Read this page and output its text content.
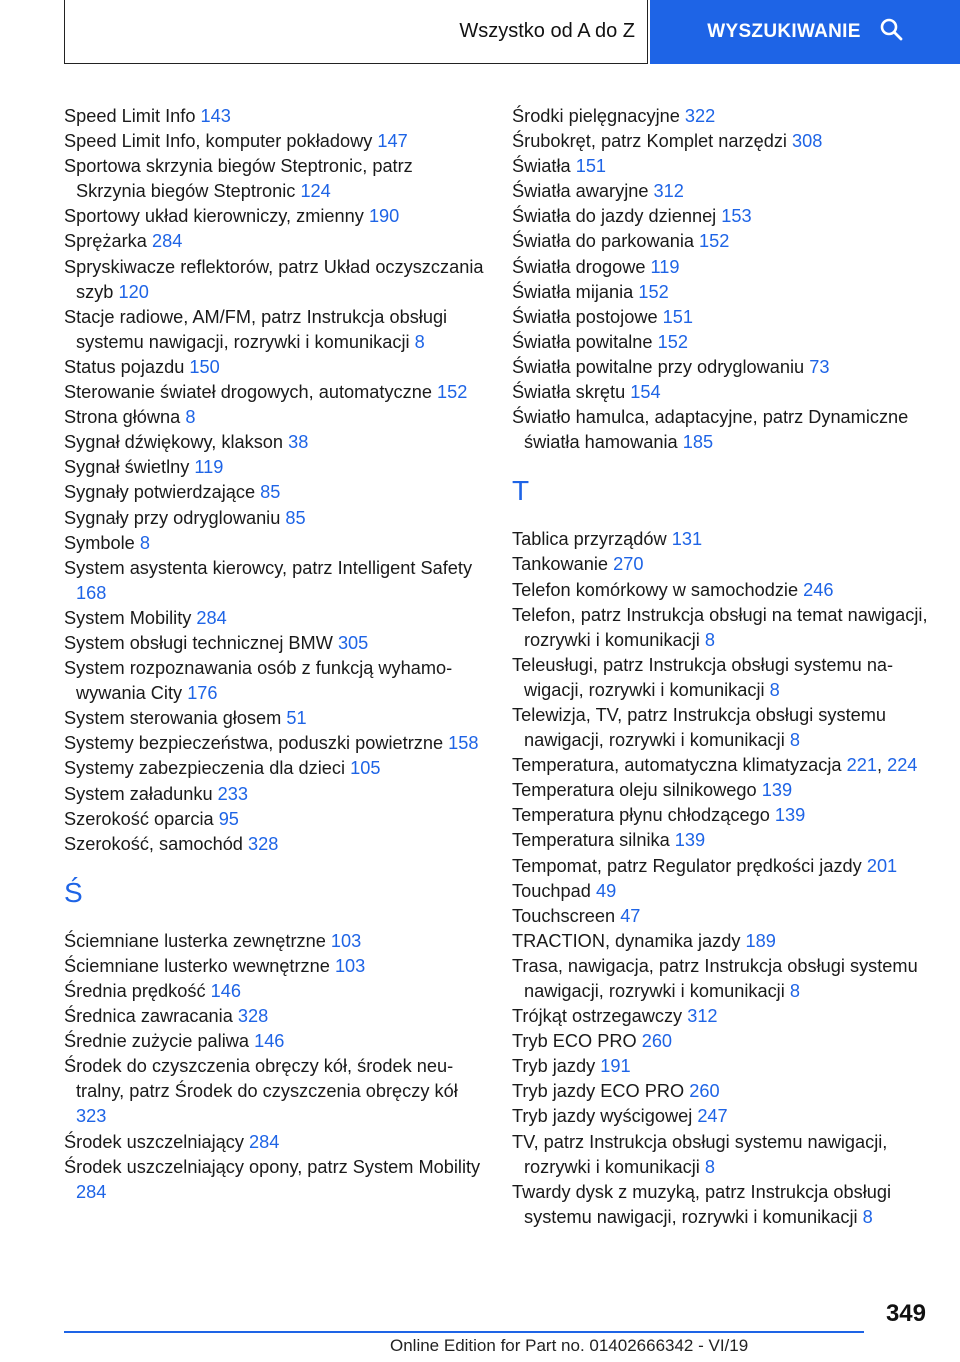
Wszystko od A do Z	WYSZUKIWANIE
Speed Limit Info 143
Speed Limit Info, komputer pokładowy 147
Sportowa skrzynia biegów Steptronic, patrz Skrzynia biegów Steptronic 124
Sportowy układ kierowniczy, zmienny 190
Sprężarka 284
Spryskiwacze reflektorów, patrz Układ oczyszczania szyb 120
Stacje radiowe, AM/FM, patrz Instrukcja obsługi systemu nawigacji, rozrywki i komunikacji 8
Status pojazdu 150
Sterowanie świateł drogowych, automatyczne 152
Strona główna 8
Sygnał dźwiękowy, klakson 38
Sygnał świetlny 119
Sygnały potwierdzające 85
Sygnały przy odryglowaniu 85
Symbole 8
System asystenta kierowcy, patrz Intelligent Safety 168
System Mobility 284
System obsługi technicznej BMW 305
System rozpoznawania osób z funkcją wyhamowywania City 176
System sterowania głosem 51
Systemy bezpieczeństwa, poduszki powietrzne 158
Systemy zabezpieczenia dla dzieci 105
System załadunku 233
Szerokość oparcia 95
Szerokość, samochód 328
Ś
Ściemniane lusterka zewnętrzne 103
Ściemniane lusterko wewnętrzne 103
Średnia prędkość 146
Średnica zawracania 328
Średnie zużycie paliwa 146
Środek do czyszczenia obręczy kół, środek neutralny, patrz Środek do czyszczenia obręczy kół 323
Środek uszczelniający 284
Środek uszczelniający opony, patrz System Mobility 284
Środki pielęgnacyjne 322
Śrubokręt, patrz Komplet narzędzi 308
Światła 151
Światła awaryjne 312
Światła do jazdy dziennej 153
Światła do parkowania 152
Światła drogowe 119
Światła mijania 152
Światła postojowe 151
Światła powitalne 152
Światła powitalne przy odryglowaniu 73
Światła skrętu 154
Światło hamulca, adaptacyjne, patrz Dynamiczne światła hamowania 185
T
Tablica przyrządów 131
Tankowanie 270
Telefon komórkowy w samochodzie 246
Telefon, patrz Instrukcja obsługi na temat nawigacji, rozrywki i komunikacji 8
Teleusługi, patrz Instrukcja obsługi systemu nawigacji, rozrywki i komunikacji 8
Telewizja, TV, patrz Instrukcja obsługi systemu nawigacji, rozrywki i komunikacji 8
Temperatura, automatyczna klimatyzacja 221, 224
Temperatura oleju silnikowego 139
Temperatura płynu chłodzącego 139
Temperatura silnika 139
Tempomat, patrz Regulator prędkości jazdy 201
Touchpad 49
Touchscreen 47
TRACTION, dynamika jazdy 189
Trasa, nawigacja, patrz Instrukcja obsługi systemu nawigacji, rozrywki i komunikacji 8
Trójkąt ostrzegawczy 312
Tryb ECO PRO 260
Tryb jazdy 191
Tryb jazdy ECO PRO 260
Tryb jazdy wyścigowej 247
TV, patrz Instrukcja obsługi systemu nawigacji, rozrywki i komunikacji 8
Twardy dysk z muzyką, patrz Instrukcja obsługi systemu nawigacji, rozrywki i komunikacji 8
349
Online Edition for Part no. 01402666342 - VI/19
